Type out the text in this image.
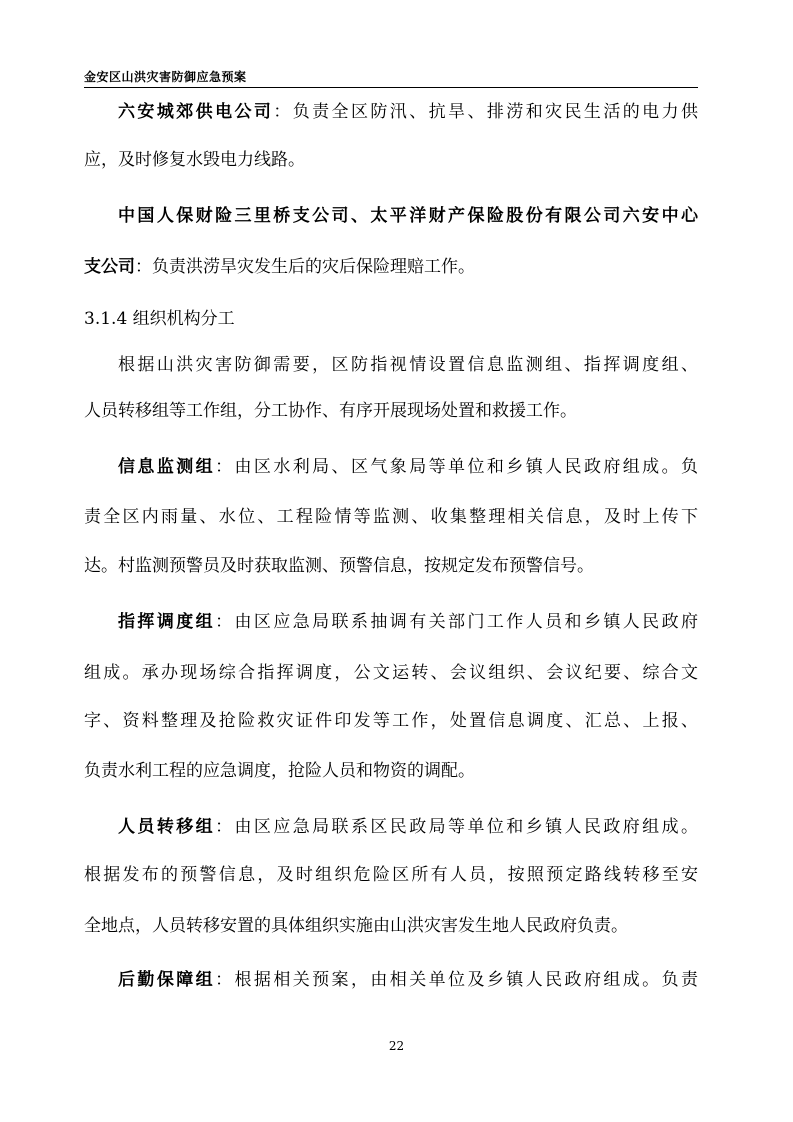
金安区山洪灾害防御应急预案
六安城郊供电公司：负责全区防汛、抗旱、排涝和灾民生活的电力供
应，及时修复水毁电力线路。
中国人保财险三里桥支公司、太平洋财产保险股份有限公司六安中心
支公司：负责洪涝旱灾发生后的灾后保险理赔工作。
3.1.4 组织机构分工
根据山洪灾害防御需要，区防指视情设置信息监测组、指挥调度组、
人员转移组等工作组，分工协作、有序开展现场处置和救援工作。
信息监测组：由区水利局、区气象局等单位和乡镇人民政府组成。负
责全区内雨量、水位、工程险情等监测、收集整理相关信息，及时上传下
达。村监测预警员及时获取监测、预警信息，按规定发布预警信号。
指挥调度组：由区应急局联系抽调有关部门工作人员和乡镇人民政府
组成。承办现场综合指挥调度，公文运转、会议组织、会议纪要、综合文
字、资料整理及抢险救灾证件印发等工作，处置信息调度、汇总、上报、
负责水利工程的应急调度，抢险人员和物资的调配。
人员转移组：由区应急局联系区民政局等单位和乡镇人民政府组成。
根据发布的预警信息，及时组织危险区所有人员，按照预定路线转移至安
全地点，人员转移安置的具体组织实施由山洪灾害发生地人民政府负责。
后勤保障组：根据相关预案，由相关单位及乡镇人民政府组成。负责
22
